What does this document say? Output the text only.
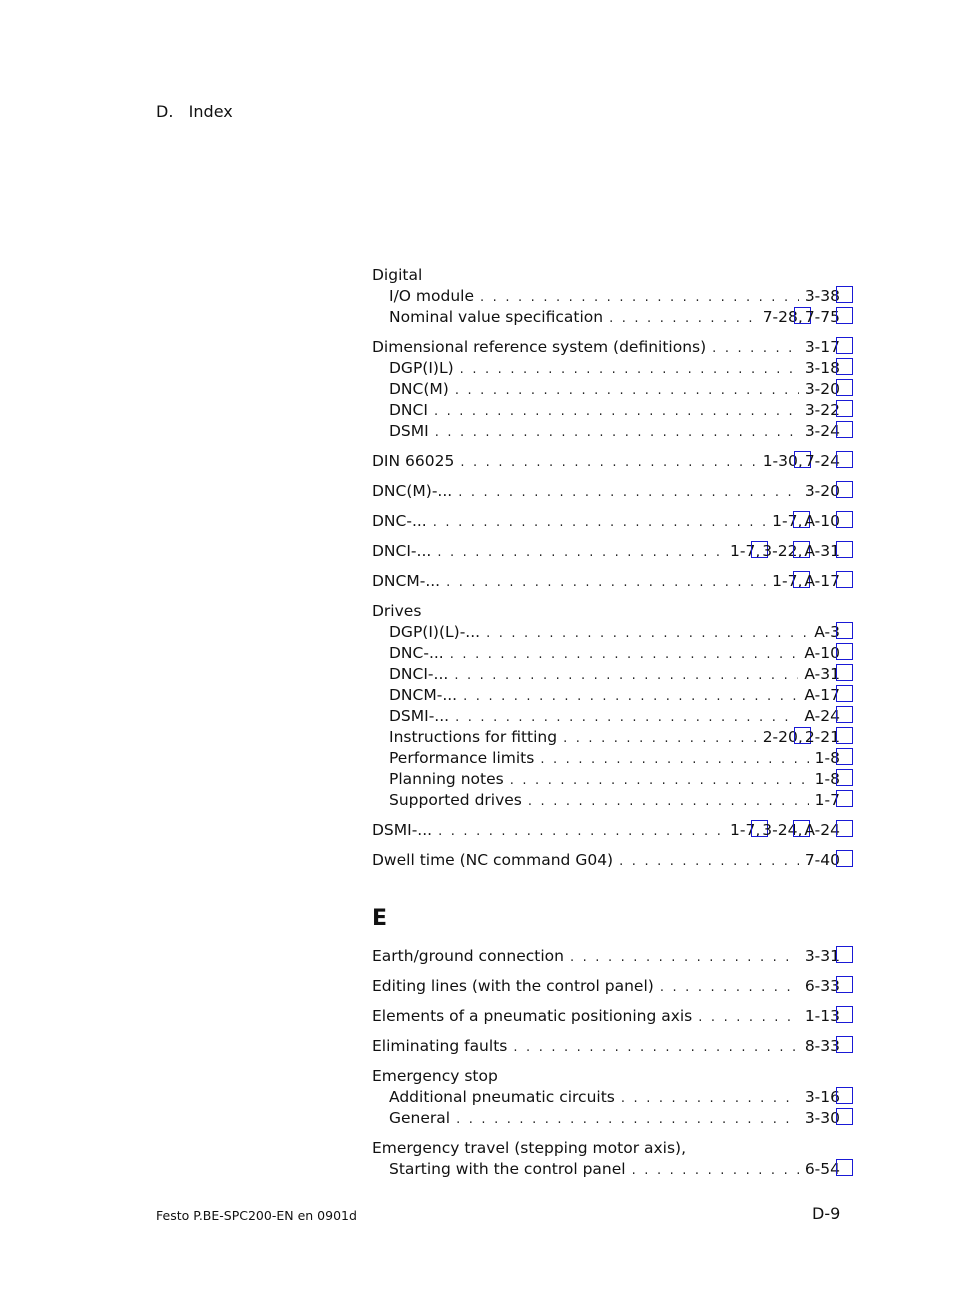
D. Index
Digital
I/O module . . .	3-38
Nominal value specification . . .	7-28 , 7-75
Dimensional reference system (definitions) . . .	3-17
DGP(I)L) . . .	3-18
DNC(M) . . .	3-20
DNCI . . .	3-22
DSMI . . .	3-24
DIN 66025 . . .	1-30 , 7-24
DNC(M)-... . . .	3-20
DNC-... . . .	1-7 , A-10
DNCI-... . . .	1-7 , 3-22 , A-31
DNCM-... . . .	1-7 , A-17
Drives
DGP(I)(L)-... . . .	A-3
DNC-... . . .	A-10
DNCI-... . . .	A-31
DNCM-... . . .	A-17
DSMI-... . . .	A-24
Instructions for fitting . . .	2-20 , 2-21
Performance limits . . .	1-8
Planning notes . . .	1-8
Supported drives . . .	1-7
DSMI-... . . .	1-7 , 3-24 , A-24
Dwell time (NC command G04) . . .	7-40
E
Earth/ground connection . . .	3-31
Editing lines (with the control panel) . . .	6-33
Elements of a pneumatic positioning axis . . .	1-13
Eliminating faults . . .	8-33
Emergency stop
Additional pneumatic circuits . . .	3-16
General . . .	3-30
Emergency travel (stepping motor axis),
Starting with the control panel . . .	6-54
Festo P.BE-SPC200-EN en 0901d	D-9
